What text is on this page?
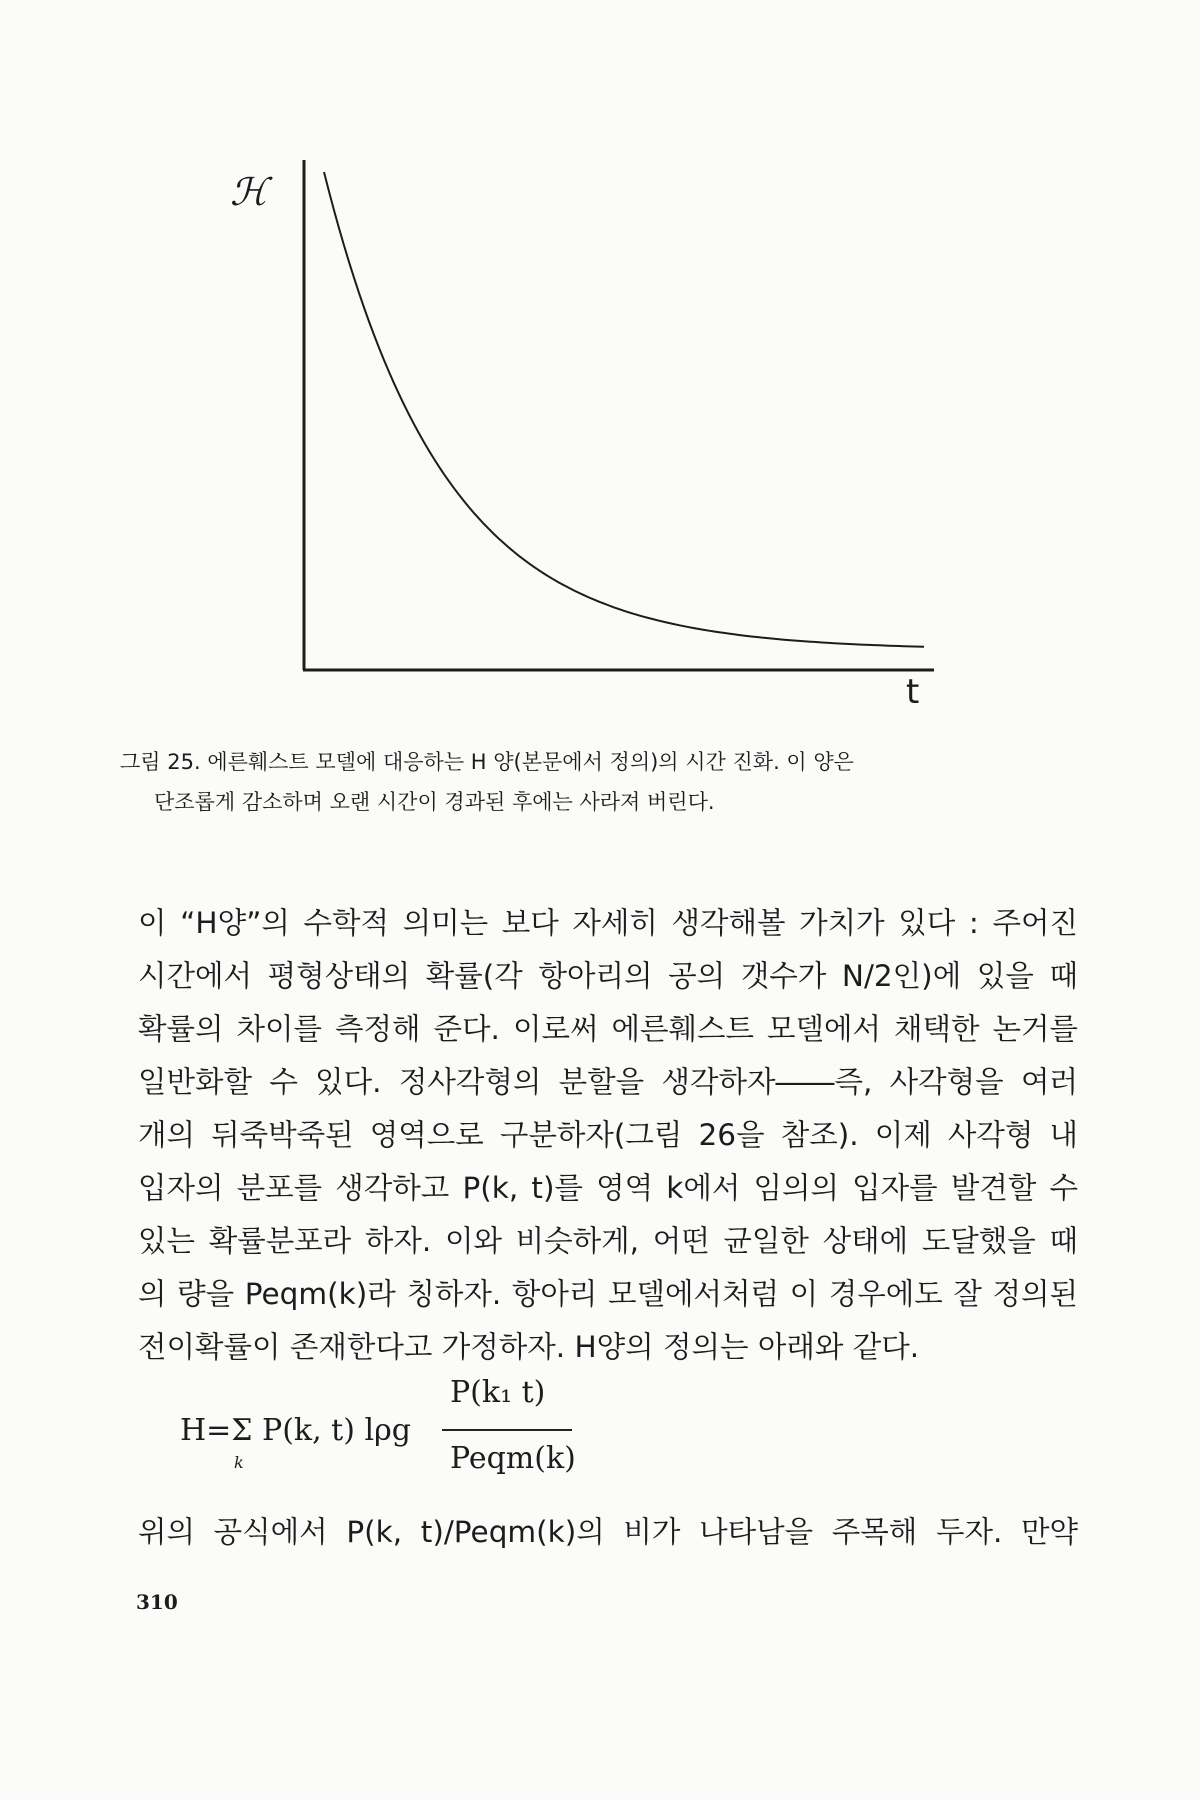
ℋ
t
그림 25. 에른훼스트 모델에 대응하는 H 양(본문에서 정의)의 시간 진화. 이 양은

단조롭게 감소하며 오랜 시간이 경과된 후에는 사라져 버린다.
이 “H양”의 수학적 의미는 보다 자세히 생각해볼 가치가 있다 : 주어진
시간에서 평형상태의 확률(각 항아리의 공의 갯수가 N/2인)에 있을 때
확률의 차이를 측정해 준다. 이로써 에른훼스트 모델에서 채택한 논거를
일반화할 수 있다. 정사각형의 분할을 생각하자――즉, 사각형을 여러
개의 뒤죽박죽된 영역으로 구분하자(그림 26을 참조). 이제 사각형 내
입자의 분포를 생각하고 P(k, t)를 영역 k에서 임의의 입자를 발견할 수
있는 확률분포라 하자. 이와 비슷하게, 어떤 균일한 상태에 도달했을 때
의 량을 Peqm(k)라 칭하자. 항아리 모델에서처럼 이 경우에도 잘 정의된
전이확률이 존재한다고 가정하자. H양의 정의는 아래와 같다.
H=Σ P(k, t) lρg
k
P(k₁ t)
Peqm(k)
위의 공식에서 P(k, t)/Peqm(k)의 비가 나타남을 주목해 두자. 만약
310
